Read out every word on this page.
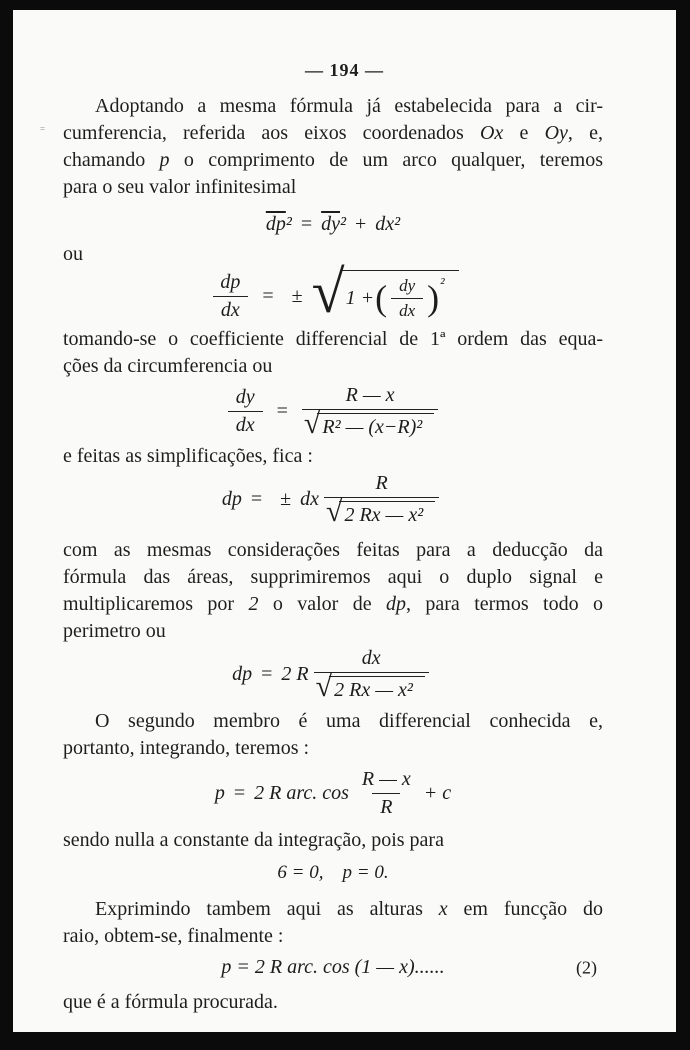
=
— 194 —

Adoptando a mesma fórmula já estabelecida para a cir-
cumferencia, referida aos eixos coordenados Ox e Oy, e,
chamando p o comprimento de um arco qualquer, teremos
para o seu valor infinitesimal

$\overline{dp}^2 = \overline{dy}^2 + dx^2$

ou

$\frac{dp}{dx}$ = ± √ 1 + ( $\frac{dy}{dx}$ ) ²

tomando-se o coefficiente differencial de 1ª ordem das equa-
ções da circumferencia ou

$\frac{dy}{dx} = \frac{R — x}{\text{√ R² — (x−R)²}}$

e feitas as simplificações, fica :

dp = ± dx $\frac{R}{\text{√ 2 Rx — x²}}$

com as mesmas considerações feitas para a deducção da
fórmula das áreas, supprimiremos aqui o duplo signal e
multiplicaremos por 2 o valor de dp, para termos todo o
perimetro ou

dp = 2 R $\frac{dx}{\text{√ 2 Rx — x²}}$

O segundo membro é uma differencial conhecida e,
portanto, integrando, teremos :

p = 2 R arc. $\cos \frac{R — x}{R} + c$

sendo nulla a constante da integração, pois para

6 = 0, p = 0.

Exprimindo tambem aqui as alturas x em funcção do
raio, obtem-se, finalmente :

p = 2 R arc. cos (1 — x)......	(2)

que é a fórmula procurada.
